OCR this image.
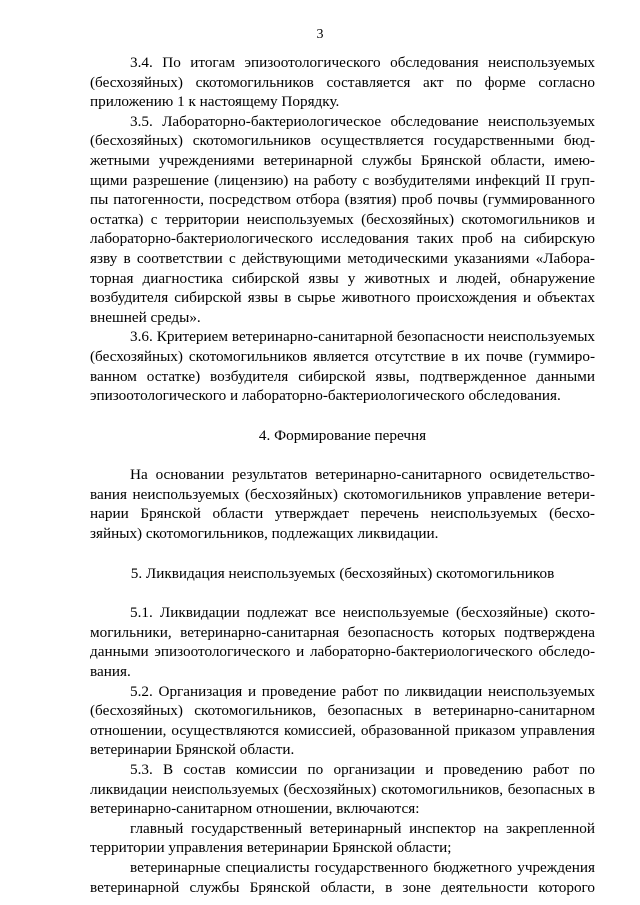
3
3.4. По итогам эпизоотологического обследования неиспользуемых
(бесхозяйных) скотомогильников составляется акт по форме согласно
приложению 1 к настоящему Порядку.
3.5. Лабораторно-бактериологическое обследование неиспользуемых
(бесхозяйных) скотомогильников осуществляется государственными бюд-
жетными учреждениями ветеринарной службы Брянской области, имею-
щими разрешение (лицензию) на работу с возбудителями инфекций II груп-
пы патогенности, посредством отбора (взятия) проб почвы (гуммированного
остатка) с территории неиспользуемых (бесхозяйных) скотомогильников и
лабораторно-бактериологического исследования таких проб на сибирскую
язву в соответствии с действующими методическими указаниями «Лабора-
торная диагностика сибирской язвы у животных и людей, обнаружение
возбудителя сибирской язвы в сырье животного происхождения и объектах
внешней среды».
3.6. Критерием ветеринарно-санитарной безопасности неиспользуемых
(бесхозяйных) скотомогильников является отсутствие в их почве (гуммиро-
ванном остатке) возбудителя сибирской язвы, подтвержденное данными
эпизоотологического и лабораторно-бактериологического обследования.
4. Формирование перечня
На основании результатов ветеринарно-санитарного освидетельство-
вания неиспользуемых (бесхозяйных) скотомогильников управление ветери-
нарии Брянской области утверждает перечень неиспользуемых (бесхо-
зяйных) скотомогильников, подлежащих ликвидации.
5. Ликвидация неиспользуемых (бесхозяйных) скотомогильников
5.1. Ликвидации подлежат все неиспользуемые (бесхозяйные) ското-
могильники, ветеринарно-санитарная безопасность которых подтверждена
данными эпизоотологического и лабораторно-бактериологического обследо-
вания.
5.2. Организация и проведение работ по ликвидации неиспользуемых
(бесхозяйных) скотомогильников, безопасных в ветеринарно-санитарном
отношении, осуществляются комиссией, образованной приказом управления
ветеринарии Брянской области.
5.3. В состав комиссии по организации и проведению работ по
ликвидации неиспользуемых (бесхозяйных) скотомогильников, безопасных в
ветеринарно-санитарном отношении, включаются:
главный государственный ветеринарный инспектор на закрепленной
территории управления ветеринарии Брянской области;
ветеринарные специалисты государственного бюджетного учреждения
ветеринарной службы Брянской области, в зоне деятельности которого
